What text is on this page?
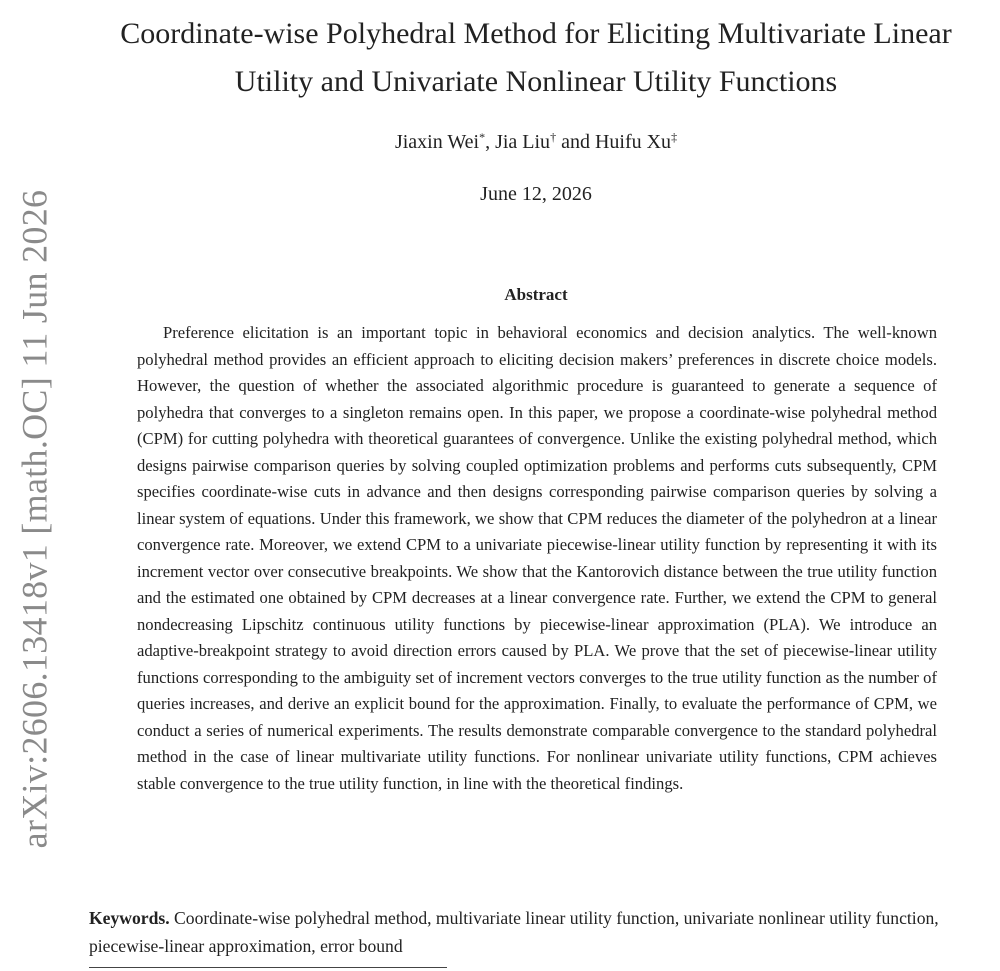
arXiv:2606.13418v1 [math.OC] 11 Jun 2026
Coordinate-wise Polyhedral Method for Eliciting Multivariate Linear
Utility and Univariate Nonlinear Utility Functions
Jiaxin Wei*, Jia Liu† and Huifu Xu‡
June 12, 2026
Abstract

Preference elicitation is an important topic in behavioral economics and decision analytics. The well-known polyhedral method provides an efficient approach to eliciting decision makers’ preferences in discrete choice models. However, the question of whether the associated algorithmic procedure is guaranteed to generate a sequence of polyhedra that converges to a singleton remains open. In this paper, we propose a coordinate-wise polyhedral method (CPM) for cutting polyhedra with theoretical guarantees of convergence. Unlike the existing polyhedral method, which designs pairwise comparison queries by solving coupled optimization problems and performs cuts subsequently, CPM specifies coordinate-wise cuts in advance and then designs corresponding pairwise comparison queries by solving a linear system of equations. Under this framework, we show that CPM reduces the diameter of the polyhedron at a linear convergence rate. Moreover, we extend CPM to a univariate piecewise-linear utility function by representing it with its increment vector over consecutive breakpoints. We show that the Kantorovich distance between the true utility function and the estimated one obtained by CPM decreases at a linear convergence rate. Further, we extend the CPM to general nondecreasing Lipschitz continuous utility functions by piecewise-linear approximation (PLA). We introduce an adaptive-breakpoint strategy to avoid direction errors caused by PLA. We prove that the set of piecewise-linear utility functions corresponding to the ambiguity set of increment vectors converges to the true utility function as the number of queries increases, and derive an explicit bound for the approximation. Finally, to evaluate the performance of CPM, we conduct a series of numerical experiments. The results demonstrate comparable convergence to the standard polyhedral method in the case of linear multivariate utility functions. For nonlinear univariate utility functions, CPM achieves stable convergence to the true utility function, in line with the theoretical findings.

Keywords. Coordinate-wise polyhedral method, multivariate linear utility function, univariate nonlinear utility function, piecewise-linear approximation, error bound
